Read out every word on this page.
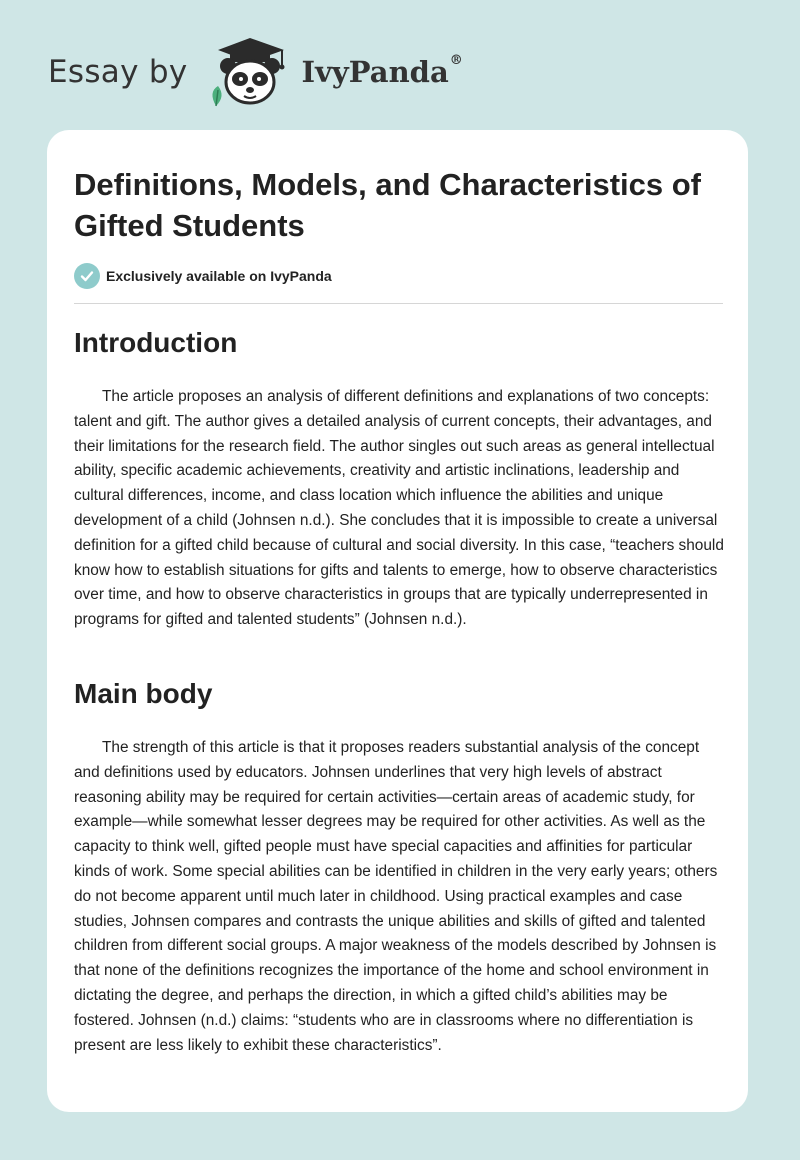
Essay by	IvyPanda®
Definitions, Models, and Characteristics of Gifted Students
Exclusively available on IvyPanda
Introduction

The article proposes an analysis of different definitions and explanations of two concepts: talent and gift. The author gives a detailed analysis of current concepts, their advantages, and their limitations for the research field. The author singles out such areas as general intellectual ability, specific academic achievements, creativity and artistic inclinations, leadership and cultural differences, income, and class location which influence the abilities and unique development of a child (Johnsen n.d.). She concludes that it is impossible to create a universal definition for a gifted child because of cultural and social diversity. In this case, “teachers should know how to establish situations for gifts and talents to emerge, how to observe characteristics over time, and how to observe characteristics in groups that are typically underrepresented in programs for gifted and talented students” (Johnsen n.d.).

Main body

The strength of this article is that it proposes readers substantial analysis of the concept and definitions used by educators. Johnsen underlines that very high levels of abstract reasoning ability may be required for certain activities—certain areas of academic study, for example—while somewhat lesser degrees may be required for other activities. As well as the capacity to think well, gifted people must have special capacities and affinities for particular kinds of work. Some special abilities can be identified in children in the very early years; others do not become apparent until much later in childhood. Using practical examples and case studies, Johnsen compares and contrasts the unique abilities and skills of gifted and talented children from different social groups. A major weakness of the models described by Johnsen is that none of the definitions recognizes the importance of the home and school environment in dictating the degree, and perhaps the direction, in which a gifted child’s abilities may be fostered. Johnsen (n.d.) claims: “students who are in classrooms where no differentiation is present are less likely to exhibit these characteristics”.
